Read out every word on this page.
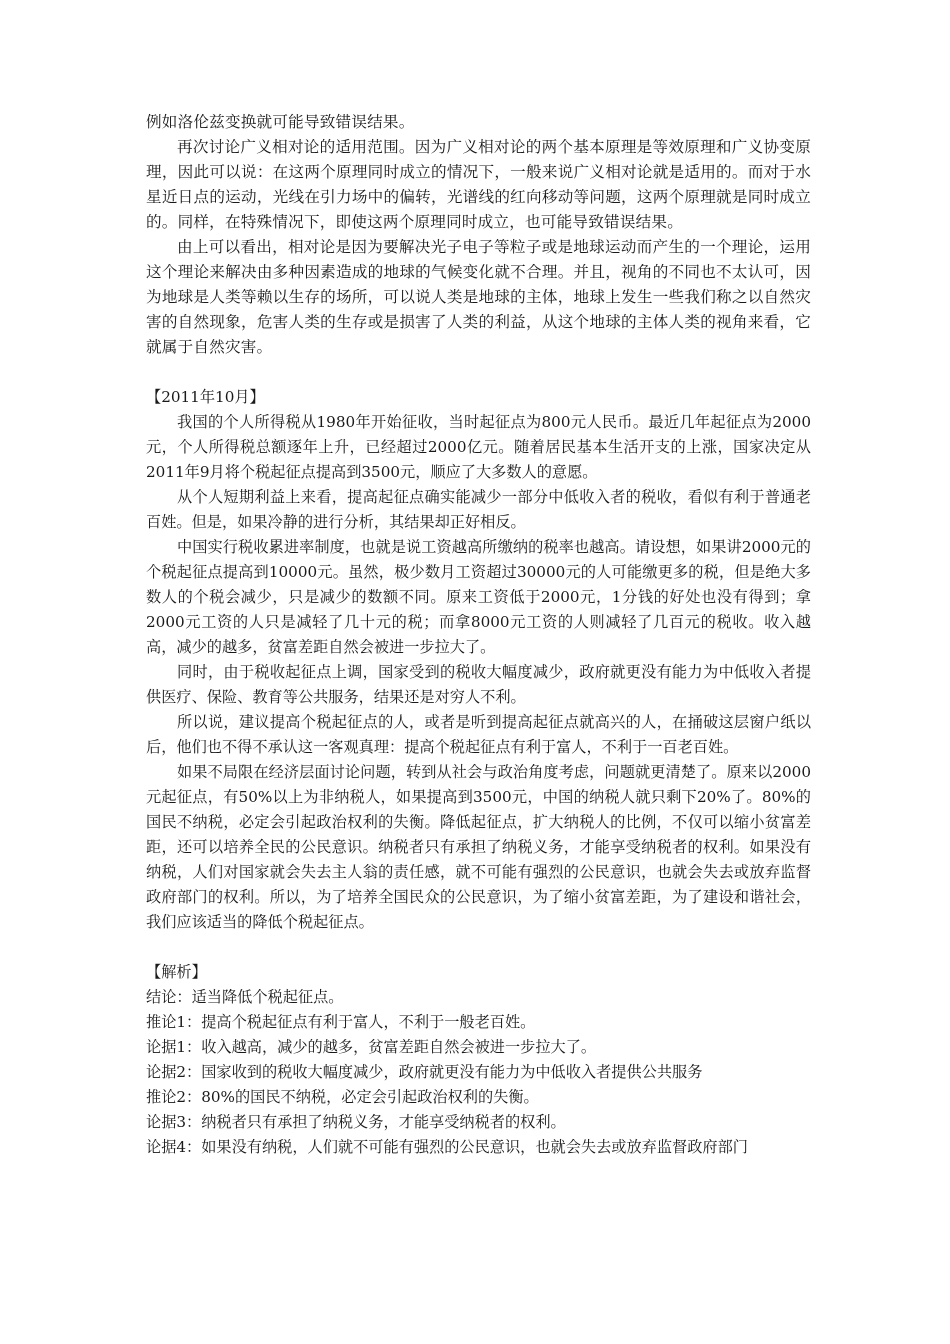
例如洛伦兹变换就可能导致错误结果。

再次讨论广义相对论的适用范围。因为广义相对论的两个基本原理是等效原理和广义协变原理，因此可以说：在这两个原理同时成立的情况下，一般来说广义相对论就是适用的。而对于水星近日点的运动，光线在引力场中的偏转，光谱线的红向移动等问题，这两个原理就是同时成立的。同样，在特殊情况下，即使这两个原理同时成立，也可能导致错误结果。

由上可以看出，相对论是因为要解决光子电子等粒子或是地球运动而产生的一个理论，运用这个理论来解决由多种因素造成的地球的气候变化就不合理。并且，视角的不同也不太认可，因为地球是人类等赖以生存的场所，可以说人类是地球的主体，地球上发生一些我们称之以自然灾害的自然现象，危害人类的生存或是损害了人类的利益，从这个地球的主体人类的视角来看，它就属于自然灾害。

【2011年10月】

我国的个人所得税从1980年开始征收，当时起征点为800元人民币。最近几年起征点为2000元，个人所得税总额逐年上升，已经超过2000亿元。随着居民基本生活开支的上涨，国家决定从2011年9月将个税起征点提高到3500元，顺应了大多数人的意愿。

从个人短期利益上来看，提高起征点确实能减少一部分中低收入者的税收，看似有利于普通老百姓。但是，如果冷静的进行分析，其结果却正好相反。

中国实行税收累进率制度，也就是说工资越高所缴纳的税率也越高。请设想，如果讲2000元的个税起征点提高到10000元。虽然，极少数月工资超过30000元的人可能缴更多的税，但是绝大多数人的个税会减少，只是减少的数额不同。原来工资低于2000元，1分钱的好处也没有得到；拿2000元工资的人只是减轻了几十元的税；而拿8000元工资的人则减轻了几百元的税收。收入越高，减少的越多，贫富差距自然会被进一步拉大了。

同时，由于税收起征点上调，国家受到的税收大幅度减少，政府就更没有能力为中低收入者提供医疗、保险、教育等公共服务，结果还是对穷人不利。

所以说，建议提高个税起征点的人，或者是听到提高起征点就高兴的人，在捅破这层窗户纸以后，他们也不得不承认这一客观真理：提高个税起征点有利于富人，不利于一百老百姓。

如果不局限在经济层面讨论问题，转到从社会与政治角度考虑，问题就更清楚了。原来以2000元起征点，有50%以上为非纳税人，如果提高到3500元，中国的纳税人就只剩下20%了。80%的国民不纳税，必定会引起政治权利的失衡。降低起征点，扩大纳税人的比例，不仅可以缩小贫富差距，还可以培养全民的公民意识。纳税者只有承担了纳税义务，才能享受纳税者的权利。如果没有纳税，人们对国家就会失去主人翁的责任感，就不可能有强烈的公民意识，也就会失去或放弃监督政府部门的权利。所以，为了培养全国民众的公民意识，为了缩小贫富差距，为了建设和谐社会，我们应该适当的降低个税起征点。

【解析】

结论：适当降低个税起征点。

推论1：提高个税起征点有利于富人，不利于一般老百姓。

论据1：收入越高，减少的越多，贫富差距自然会被进一步拉大了。

论据2：国家收到的税收大幅度减少，政府就更没有能力为中低收入者提供公共服务

推论2：80%的国民不纳税，必定会引起政治权利的失衡。

论据3：纳税者只有承担了纳税义务，才能享受纳税者的权利。

论据4：如果没有纳税，人们就不可能有强烈的公民意识，也就会失去或放弃监督政府部门
